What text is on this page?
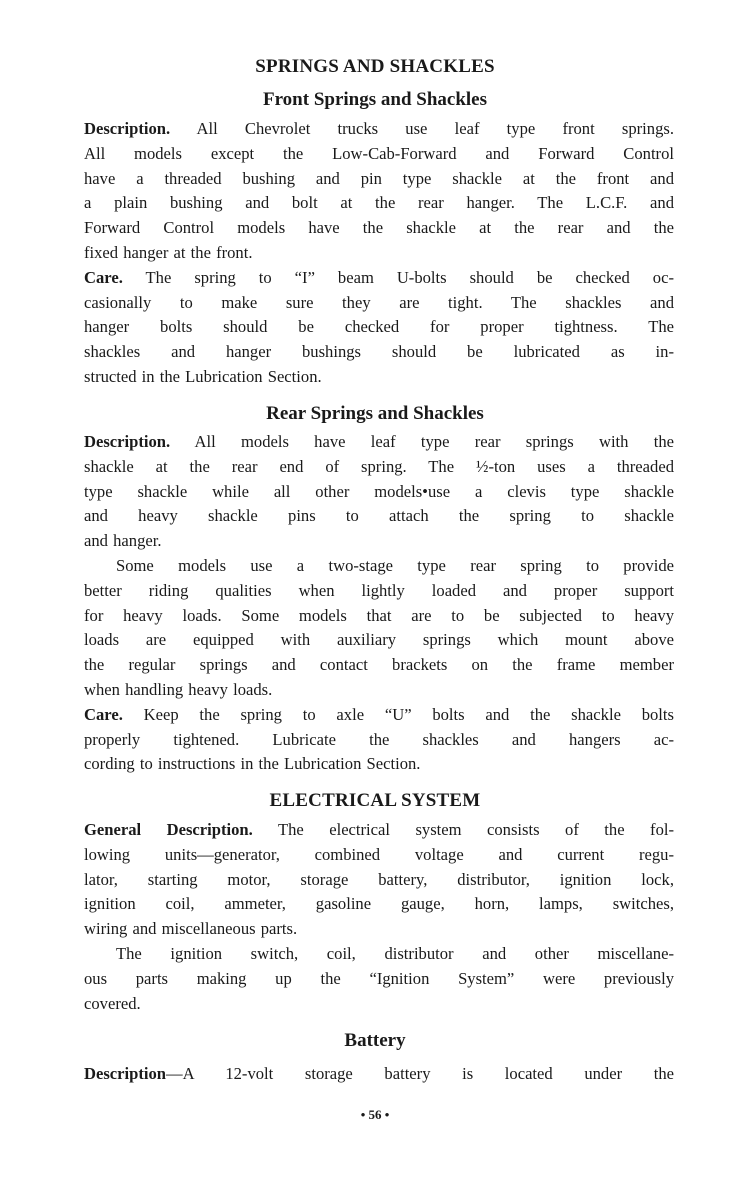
SPRINGS AND SHACKLES
Front Springs and Shackles
Description. All Chevrolet trucks use leaf type front springs.
All models except the Low-Cab-Forward and Forward Control
have a threaded bushing and pin type shackle at the front and
a plain bushing and bolt at the rear hanger. The L.C.F. and
Forward Control models have the shackle at the rear and the
fixed hanger at the front.
Care. The spring to “I” beam U-bolts should be checked oc-
casionally to make sure they are tight. The shackles and
hanger bolts should be checked for proper tightness. The
shackles and hanger bushings should be lubricated as in-
structed in the Lubrication Section.
Rear Springs and Shackles
Description. All models have leaf type rear springs with the
shackle at the rear end of spring. The ½-ton uses a threaded
type shackle while all other models•use a clevis type shackle
and heavy shackle pins to attach the spring to shackle
and hanger.
Some models use a two-stage type rear spring to provide
better riding qualities when lightly loaded and proper support
for heavy loads. Some models that are to be subjected to heavy
loads are equipped with auxiliary springs which mount above
the regular springs and contact brackets on the frame member
when handling heavy loads.
Care. Keep the spring to axle “U” bolts and the shackle bolts
properly tightened. Lubricate the shackles and hangers ac-
cording to instructions in the Lubrication Section.
ELECTRICAL SYSTEM
General Description. The electrical system consists of the fol-
lowing units—generator, combined voltage and current regu-
lator, starting motor, storage battery, distributor, ignition lock,
ignition coil, ammeter, gasoline gauge, horn, lamps, switches,
wiring and miscellaneous parts.
The ignition switch, coil, distributor and other miscellane-
ous parts making up the “Ignition System” were previously
covered.
Battery
Description—A 12-volt storage battery is located under the
• 56 •
